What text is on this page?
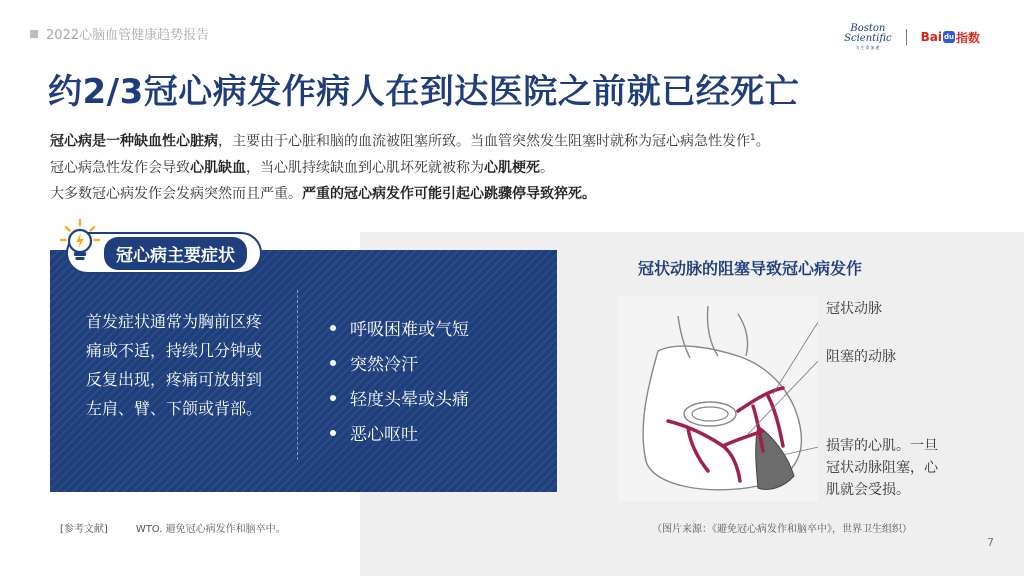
2022心脑血管健康趋势报告	Boston
Scientific
为生命加速
Bai du 指数
约2/3冠心病发作病人在到达医院之前就已经死亡

冠心病是一种缺血性心脏病，主要由于心脏和脑的血流被阻塞所致。当血管突然发生阻塞时就称为冠心病急性发作$^1$。

冠心病急性发作会导致心肌缺血，当心肌持续缺血到心肌坏死就被称为心肌梗死。

大多数冠心病发作会发病突然而且严重。严重的冠心病发作可能引起心跳骤停导致猝死。

冠心病主要症状

首发症状通常为胸前区疼痛或不适，持续几分钟或反复出现，疼痛可放射到左肩、臂、下颌或背部。

呼吸困难或气短
突然冷汗
轻度头晕或头痛
恶心呕吐
冠状动脉的阻塞导致冠心病发作

冠状动脉

阻塞的动脉

损害的心肌。一旦冠状动脉阻塞，心肌就会受损。

[参考文献]	WTO. 避免冠心病发作和脑卒中。	（图片来源：《避免冠心病发作和脑卒中》，世界卫生组织）

7
